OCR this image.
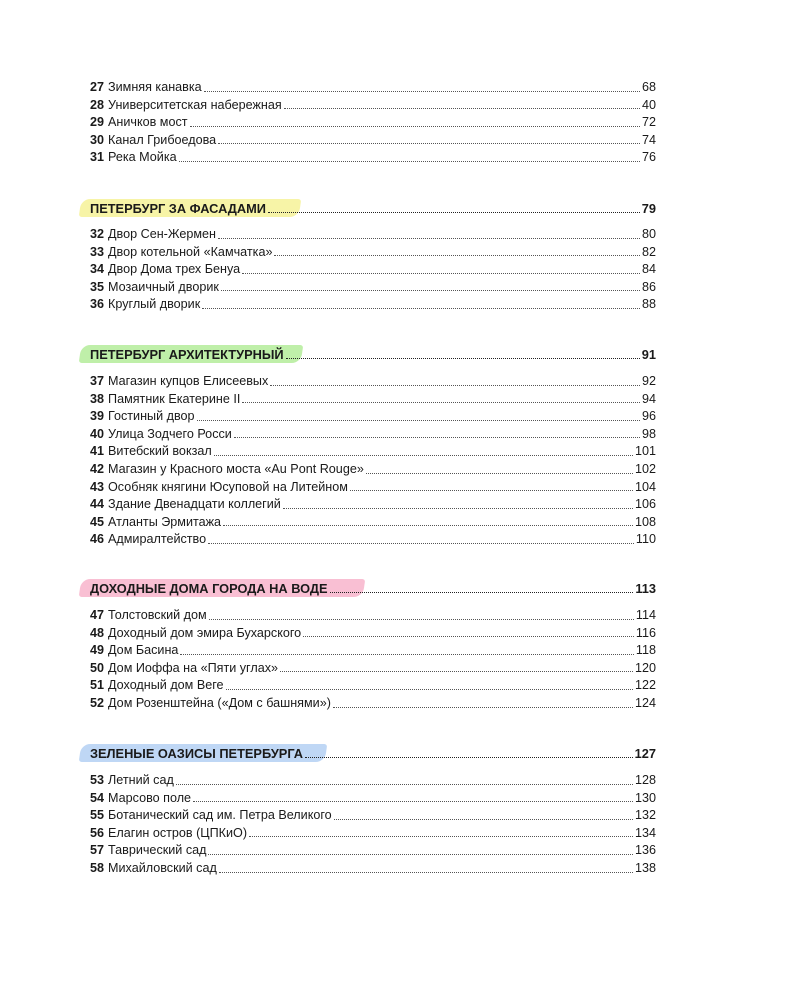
27 Зимняя канавка	68
28 Университетская набережная	40
29 Аничков мост	72
30 Канал Грибоедова	74
31 Река Мойка	76
ПЕТЕРБУРГ ЗА ФАСАДАМИ	79
32 Двор Сен-Жермен	80
33 Двор котельной «Камчатка»	82
34 Двор Дома трех Бенуа	84
35 Мозаичный дворик	86
36 Круглый дворик	88
ПЕТЕРБУРГ АРХИТЕКТУРНЫЙ	91
37 Магазин купцов Елисеевых	92
38 Памятник Екатерине II	94
39 Гостиный двор	96
40 Улица Зодчего Росси	98
41 Витебский вокзал	101
42 Магазин у Красного моста «Au Pont Rouge»	102
43 Особняк княгини Юсуповой на Литейном	104
44 Здание Двенадцати коллегий	106
45 Атланты Эрмитажа	108
46 Адмиралтейство	110
ДОХОДНЫЕ ДОМА ГОРОДА НА ВОДЕ	113
47 Толстовский дом	114
48 Доходный дом эмира Бухарского	116
49 Дом Басина	118
50 Дом Иоффа на «Пяти углах»	120
51 Доходный дом Веге	122
52 Дом Розенштейна («Дом с башнями»)	124
ЗЕЛЕНЫЕ ОАЗИСЫ ПЕТЕРБУРГА	127
53 Летний сад	128
54 Марсово поле	130
55 Ботанический сад им. Петра Великого	132
56 Елагин остров (ЦПКиО)	134
57 Таврический сад	136
58 Михайловский сад	138
